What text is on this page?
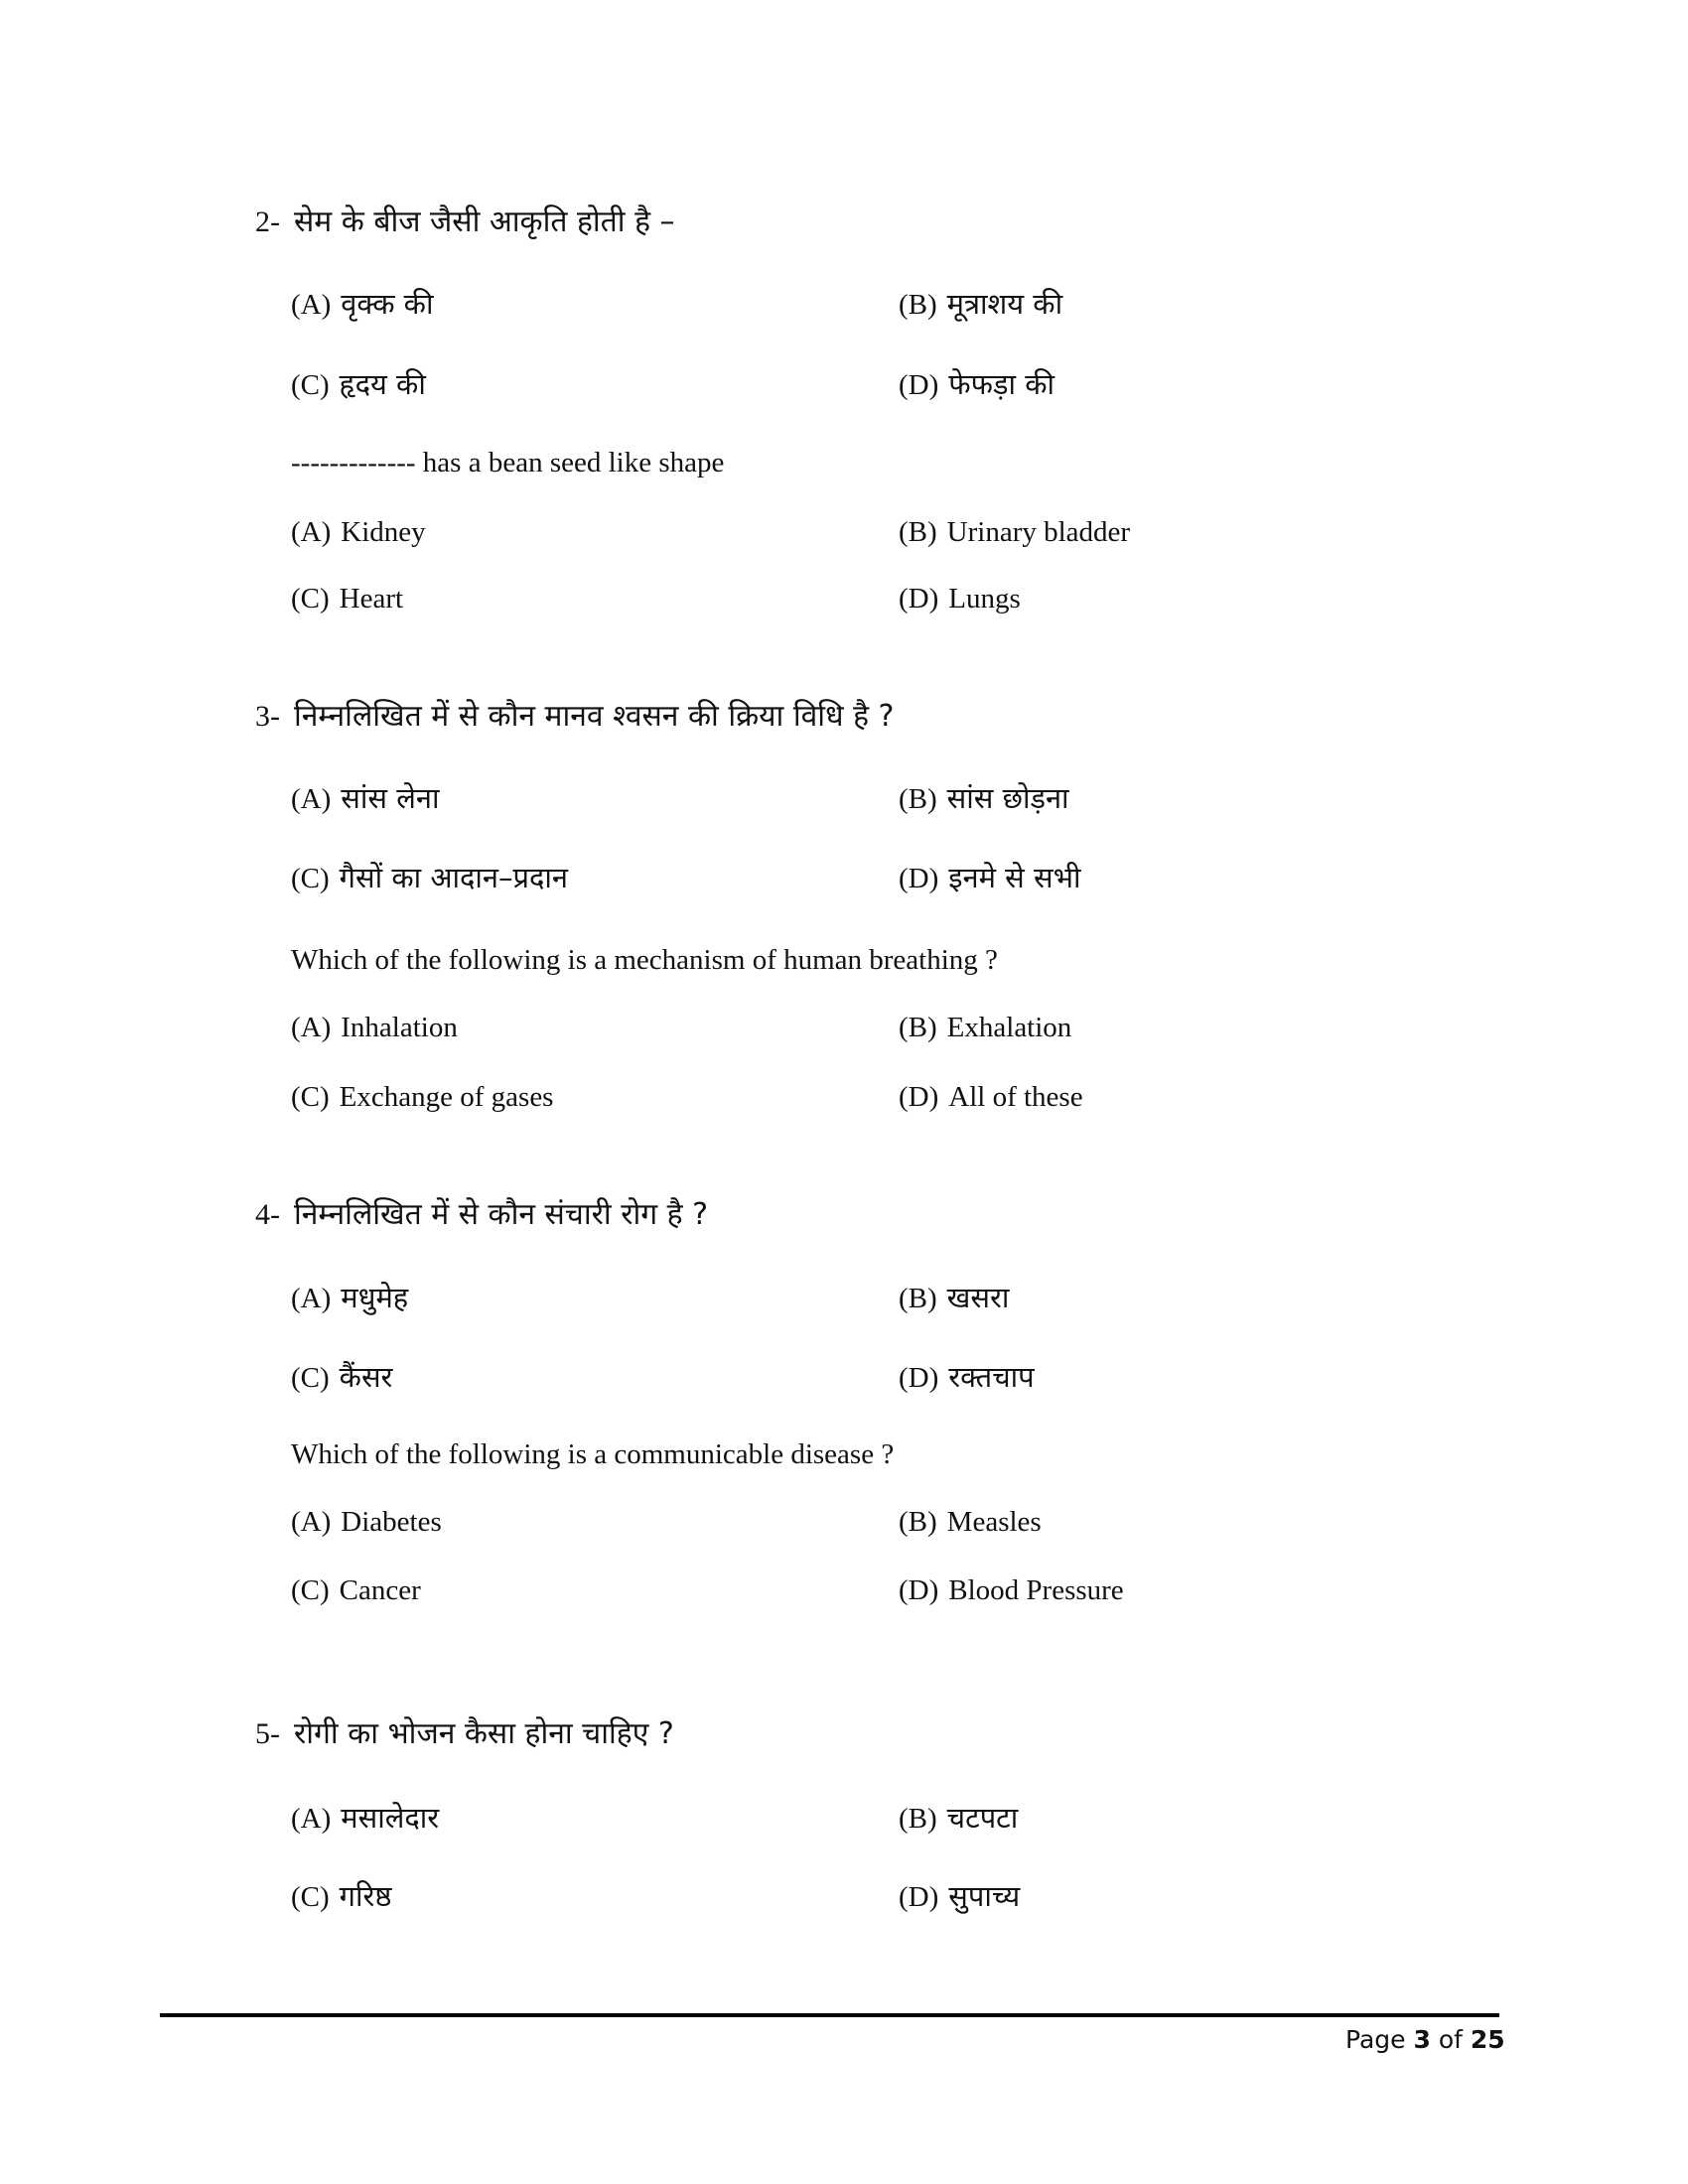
2- सेम के बीज जैसी आकृति होती है –
(A) वृक्क की	(B) मूत्राशय की
(C) हृदय की	(D) फेफड़ा की
------------- has a bean seed like shape
(A) Kidney	(B) Urinary bladder
(C) Heart	(D) Lungs
3- निम्नलिखित में से कौन मानव श्वसन की क्रिया विधि है ?
(A) सांस लेना	(B) सांस छोड़ना
(C) गैसों का आदान–प्रदान	(D) इनमे से सभी
Which of the following is a mechanism of human breathing ?
(A) Inhalation	(B) Exhalation
(C) Exchange of gases	(D) All of these
4- निम्नलिखित में से कौन संचारी रोग है ?
(A) मधुमेह	(B) खसरा
(C) कैंसर	(D) रक्तचाप
Which of the following is a communicable disease ?
(A) Diabetes	(B) Measles
(C) Cancer	(D) Blood Pressure
5- रोगी का भोजन कैसा होना चाहिए ?
(A) मसालेदार	(B) चटपटा
(C) गरिष्ठ	(D) सुपाच्य
Page 3 of 25
